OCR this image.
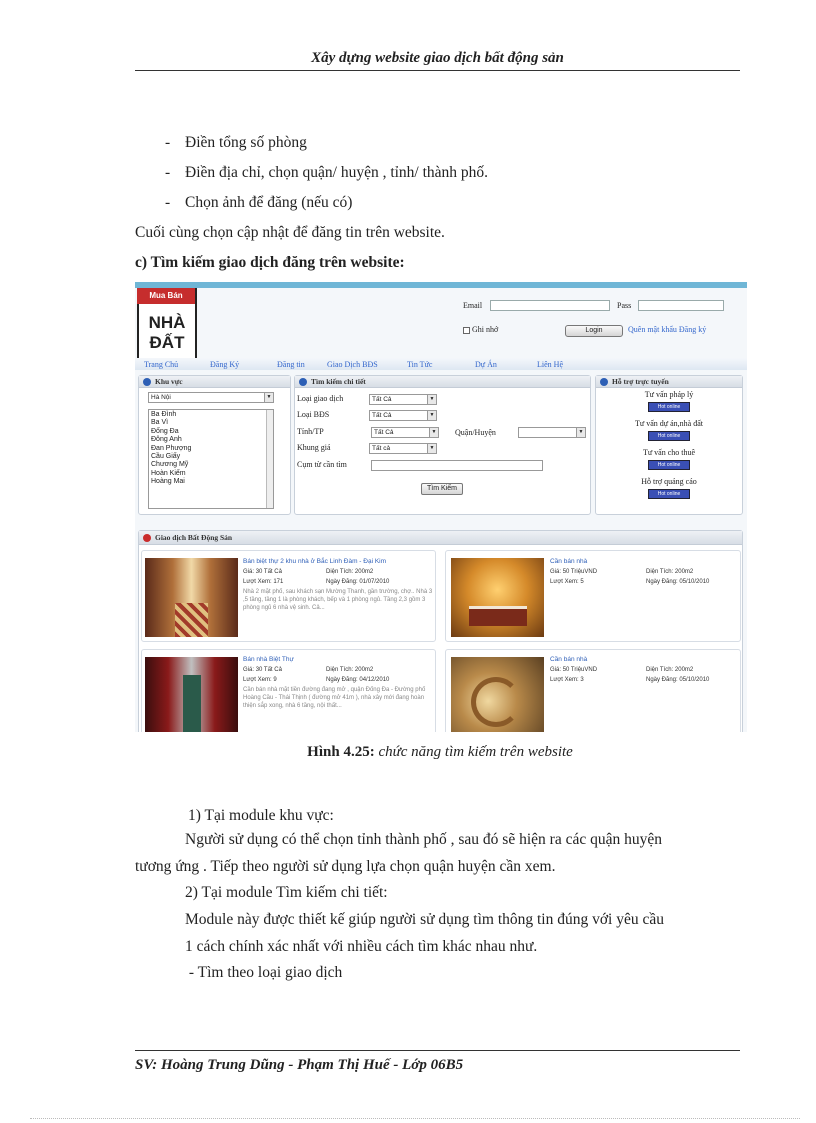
Xây dựng website giao dịch bất động sản
- Điền tổng số phòng
- Điền địa chỉ, chọn quận/ huyện , tỉnh/ thành phố.
- Chọn ảnh để đăng (nếu có)
Cuối cùng chọn cập nhật để đăng tin trên website.
c) Tìm kiếm giao dịch đăng trên website:
Mua Bán
NHÀ
ĐẤT
Email	Pass
Ghi nhớ	Login	Quên mật khẩu Đăng ký
Trang Chủ	Đăng Ký	Đăng tin	Giao Dịch BĐS	Tin Tức	Dự Án	Liên Hệ
Khu vực
Hà Nội	▼
Ba Đình
Ba Vì
Đống Đa
Đông Anh
Đan Phượng
Cầu Giấy
Chương Mỹ
Hoàn Kiếm
Hoàng Mai
Tìm kiếm chi tiết
Loại giao dịch	Tất Cả	▼
Loại BĐS	Tất Cả	▼
Tỉnh/TP	Tất Cả	▼ Quận/Huyện	▼
Khung giá	Tất cả	▼
Cụm từ cần tìm
Tìm Kiếm
Hỗ trợ trực tuyến
Tư vấn pháp lý
Hot online
Tư vấn dự án,nhà đất
Hot online
Tư vấn cho thuê
Hot online
Hỗ trợ quảng cáo
Hot online
Giao dịch Bất Động Sản
Bán biệt thự 2 khu nhà ở Bắc Linh Đàm - Đại Kim
Giá: 30 Tất Cả	Diện Tích: 200m2
Lượt Xem: 171	Ngày Đăng: 01/07/2010
Nhà 2 mặt phố, sau khách sạn Mường Thanh, gần trường, chợ.. Nhà 3 ,5 tầng, tầng 1 là phòng khách, bếp và 1 phòng ngủ. Tầng 2,3 gồm 3 phòng ngủ 6 nhà vệ sinh. Cả...
Cần bán nhà
Giá: 50 TriệuVND	Diện Tích: 200m2
Lượt Xem: 5	Ngày Đăng: 05/10/2010
Bán nhà Biệt Thự
Giá: 30 Tất Cả	Diện Tích: 200m2
Lượt Xem: 9	Ngày Đăng: 04/12/2010
Cần bán nhà mặt tiền đường đang mở , quận Đống Đa - Đường phố Hoàng Cầu - Thái Thịnh ( đường mở 41m ), nhà xây mới đang hoàn thiện sắp xong, nhà 6 tầng, nội thất...
Cần bán nhà
Giá: 50 TriệuVND	Diện Tích: 200m2
Lượt Xem: 3	Ngày Đăng: 05/10/2010
Hình 4.25: chức năng tìm kiếm trên website
1) Tại module khu vực:
Người sử dụng có thể chọn tỉnh thành phố , sau đó sẽ hiện ra các quận huyện
tương ứng . Tiếp theo người sử dụng lựa chọn quận huyện cần xem.
2) Tại module Tìm kiếm chi tiết:
Module này được thiết kế giúp người sử dụng tìm thông tin đúng với yêu cầu
1 cách chính xác nhất với nhiều cách tìm khác nhau như.
- Tìm theo loại giao dịch
SV: Hoàng Trung Dũng - Phạm Thị Huế - Lớp 06B5
